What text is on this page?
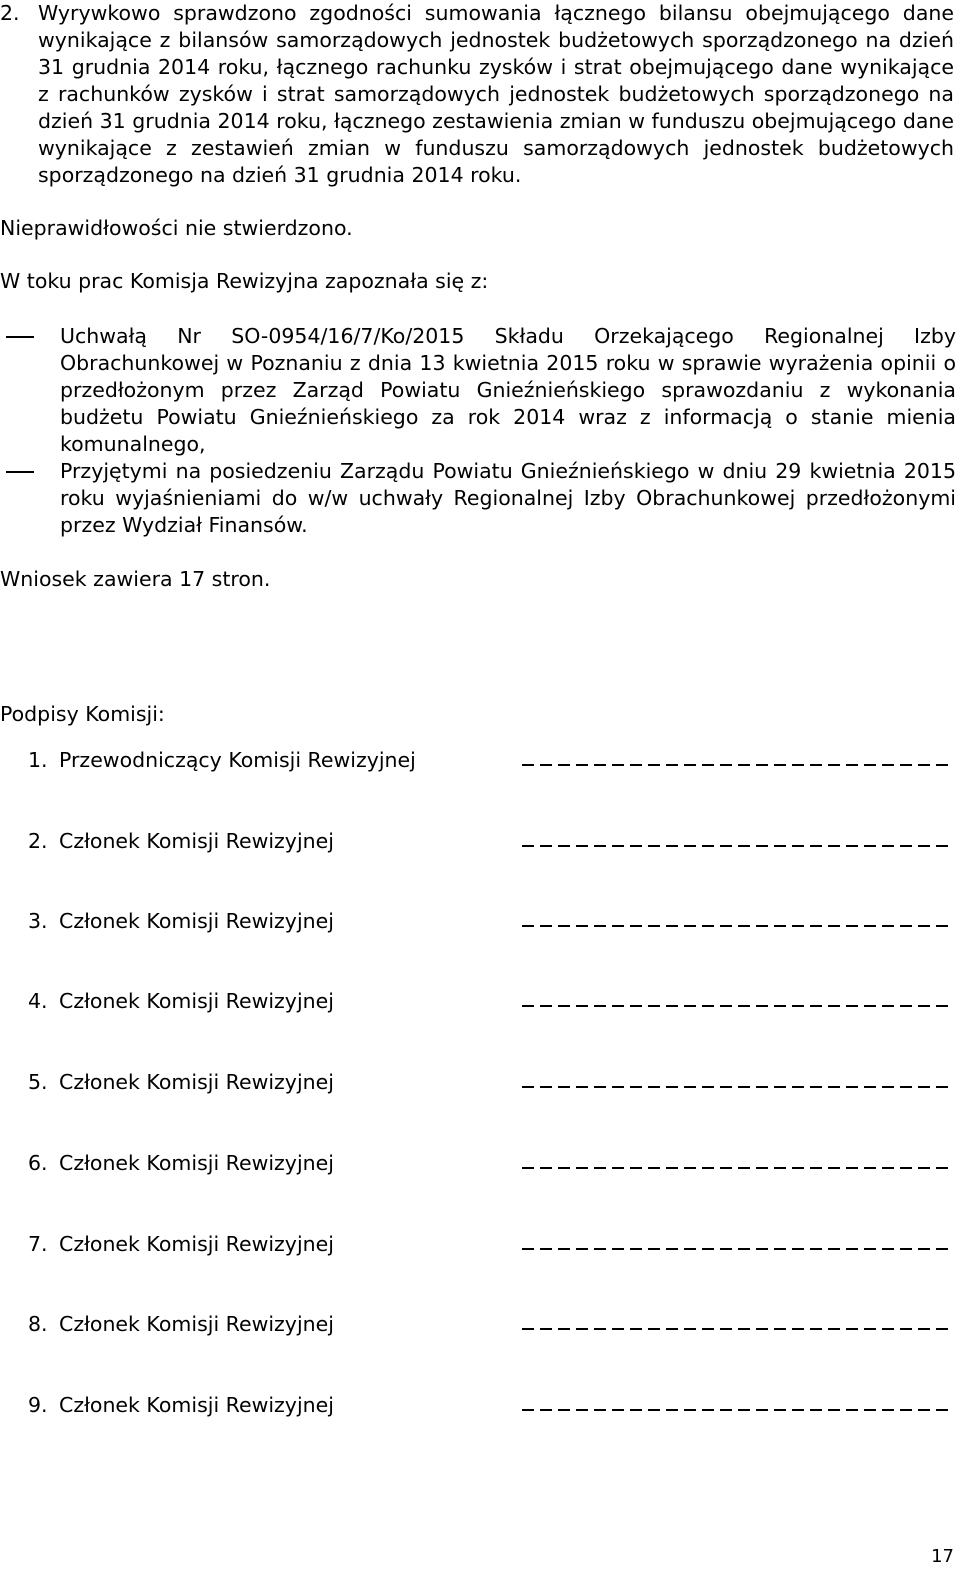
2. Wyrywkowo sprawdzono zgodności sumowania łącznego bilansu obejmującego dane wynikające z bilansów samorządowych jednostek budżetowych sporządzonego na dzień 31 grudnia 2014 roku, łącznego rachunku zysków i strat obejmującego dane wynikające z rachunków zysków i strat samorządowych jednostek budżetowych sporządzonego na dzień 31 grudnia 2014 roku, łącznego zestawienia zmian w funduszu obejmującego dane wynikające z zestawień zmian w funduszu samorządowych jednostek budżetowych sporządzonego na dzień 31 grudnia 2014 roku.
Nieprawidłowości nie stwierdzono.
W toku prac Komisja Rewizyjna zapoznała się z:
Uchwałą Nr SO-0954/16/7/Ko/2015 Składu Orzekającego Regionalnej Izby Obrachunkowej w Poznaniu z dnia 13 kwietnia 2015 roku w sprawie wyrażenia opinii o przedłożonym przez Zarząd Powiatu Gnieźnieńskiego sprawozdaniu z wykonania budżetu Powiatu Gnieźnieńskiego za rok 2014 wraz z informacją o stanie mienia komunalnego,
Przyjętymi na posiedzeniu Zarządu Powiatu Gnieźnieńskiego w dniu 29 kwietnia 2015 roku wyjaśnieniami do w/w uchwały Regionalnej Izby Obrachunkowej przedłożonymi przez Wydział Finansów.
Wniosek zawiera 17 stron.
Podpisy Komisji:
1. Przewodniczący Komisji Rewizyjnej
2. Członek Komisji Rewizyjnej
3. Członek Komisji Rewizyjnej
4. Członek Komisji Rewizyjnej
5. Członek Komisji Rewizyjnej
6. Członek Komisji Rewizyjnej
7. Członek Komisji Rewizyjnej
8. Członek Komisji Rewizyjnej
9. Członek Komisji Rewizyjnej
17
